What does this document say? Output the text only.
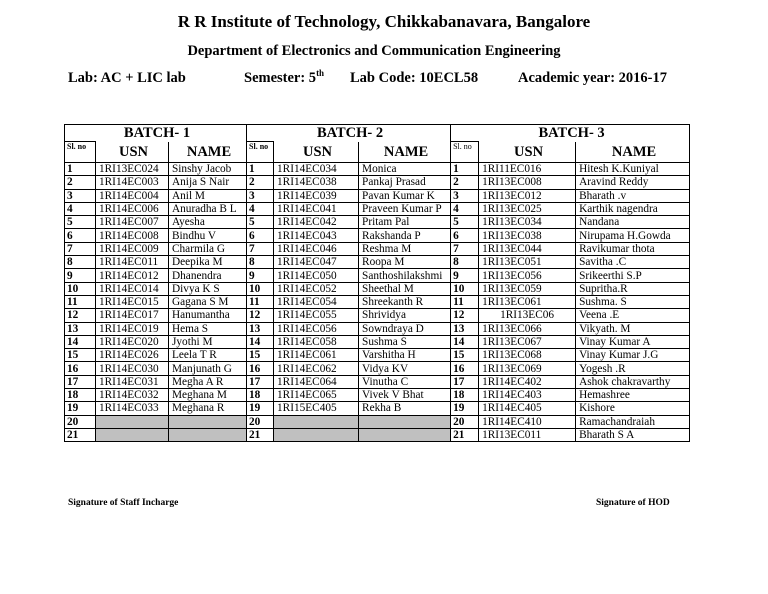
R R Institute of Technology, Chikkabanavara, Bangalore
Department of Electronics and Communication Engineering
Lab: AC + LIC lab	Semester: 5th Lab Code: 10ECL58	Academic year: 2016-17
BATCH- 1			BATCH- 2			BATCH- 3		
Sl. no	USN	NAME	Sl. no	USN	NAME	Sl. no	USN	NAME
1	1RI13EC024	Sinshy Jacob	1	1RI14EC034	Monica	1	1RI11EC016	Hitesh K.Kuniyal
2	1RI14EC003	Anija S Nair	2	1RI14EC038	Pankaj Prasad	2	1RI13EC008	Aravind Reddy
3	1RI14EC004	Anil M	3	1RI14EC039	Pavan Kumar K	3	1RI13EC012	Bharath .v
4	1RI14EC006	Anuradha B L	4	1RI14EC041	Praveen Kumar P	4	1RI13EC025	Karthik nagendra
5	1RI14EC007	Ayesha	5	1RI14EC042	Pritam Pal	5	1RI13EC034	Nandana
6	1RI14EC008	Bindhu V	6	1RI14EC043	Rakshanda P	6	1RI13EC038	Nirupama H.Gowda
7	1RI14EC009	Charmila G	7	1RI14EC046	Reshma M	7	1RI13EC044	Ravikumar thota
8	1RI14EC011	Deepika M	8	1RI14EC047	Roopa M	8	1RI13EC051	Savitha .C
9	1RI14EC012	Dhanendra	9	1RI14EC050	Santhoshilakshmi	9	1RI13EC056	Srikeerthi S.P
10	1RI14EC014	Divya K S	10	1RI14EC052	Sheethal M	10	1RI13EC059	Supritha.R
11	1RI14EC015	Gagana S M	11	1RI14EC054	Shreekanth R	11	1RI13EC061	Sushma. S
12	1RI14EC017	Hanumantha	12	1RI14EC055	Shrividya	12	1RI13EC06	Veena .E
13	1RI14EC019	Hema S	13	1RI14EC056	Sowndraya D	13	1RI13EC066	Vikyath. M
14	1RI14EC020	Jyothi M	14	1RI14EC058	Sushma S	14	1RI13EC067	Vinay Kumar A
15	1RI14EC026	Leela T R	15	1RI14EC061	Varshitha H	15	1RI13EC068	Vinay Kumar J.G
16	1RI14EC030	Manjunath G	16	1RI14EC062	Vidya KV	16	1RI13EC069	Yogesh .R
17	1RI14EC031	Megha A R	17	1RI14EC064	Vinutha C	17	1RI14EC402	Ashok chakravarthy
18	1RI14EC032	Meghana M	18	1RI14EC065	Vivek V Bhat	18	1RI14EC403	Hemashree
19	1RI14EC033	Meghana R	19	1RI15EC405	Rekha B	19	1RI14EC405	Kishore
20			20			20	1RI14EC410	Ramachandraiah
21			21			21	1RI13EC011	Bharath S A
Signature of Staff Incharge	Signature of HOD
